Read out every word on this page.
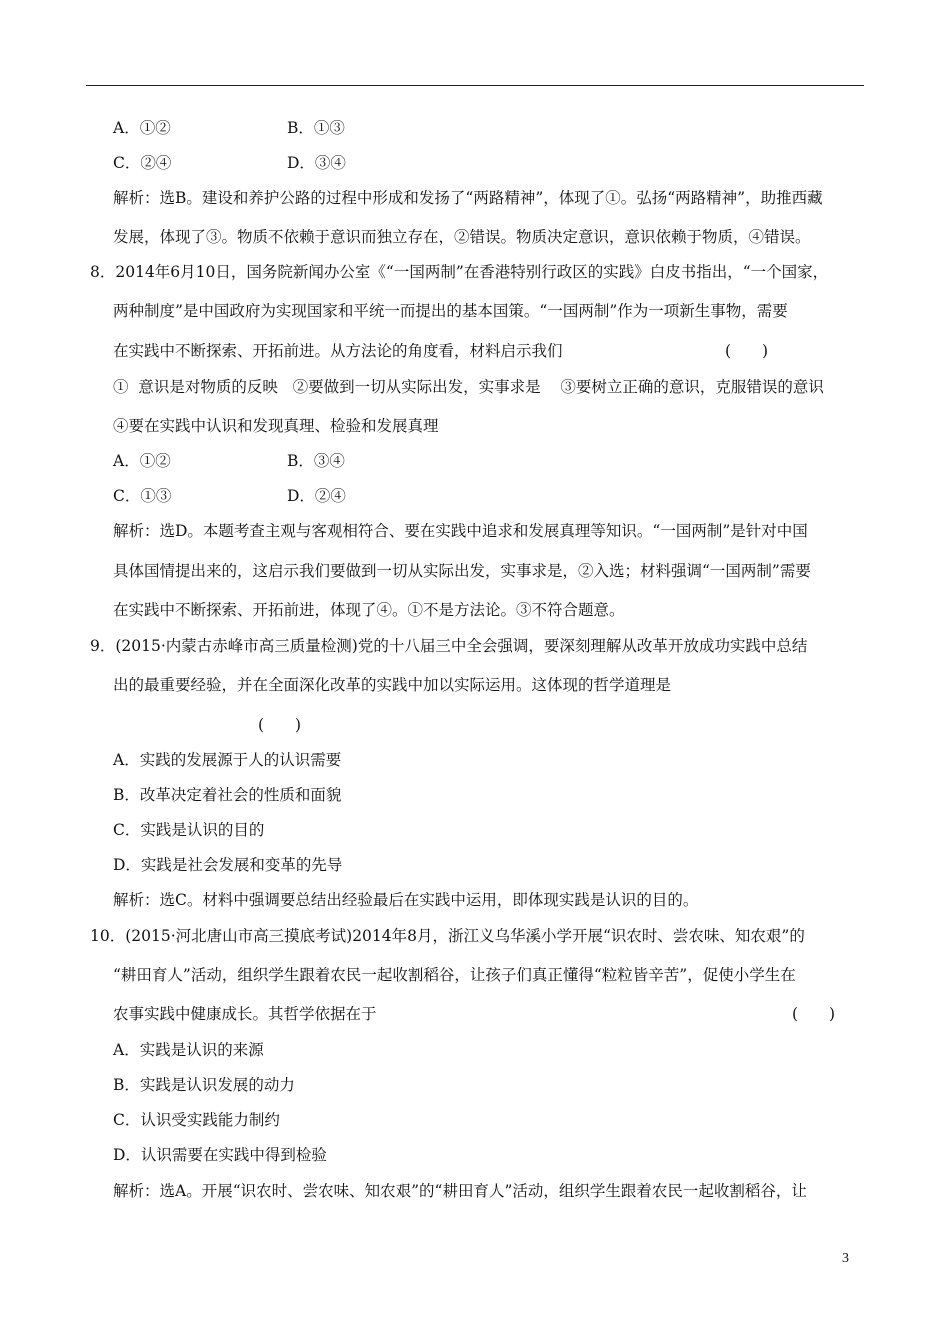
A．①②	B．①③
C．②④	D．③④
解析：选B。建设和养护公路的过程中形成和发扬了“两路精神”，体现了①。弘扬“两路精神”，助推西藏
发展，体现了③。物质不依赖于意识而独立存在，②错误。物质决定意识，意识依赖于物质，④错误。
8．2014年6月10日，国务院新闻办公室《“一国两制”在香港特别行政区的实践》白皮书指出，“一个国家，
两种制度”是中国政府为实现国家和平统一而提出的基本国策。“一国两制”作为一项新生事物，需要
在实践中不断探索、开拓前进。从方法论的角度看，材料启示我们	(　　)
①  意识是对物质的反映   ②要做到一切从实际出发，实事求是    ③要树立正确的意识，克服错误的意识
④要在实践中认识和发现真理、检验和发展真理
A．①②	B．③④
C．①③	D．②④
解析：选D。本题考查主观与客观相符合、要在实践中追求和发展真理等知识。“一国两制”是针对中国
具体国情提出来的，这启示我们要做到一切从实际出发，实事求是，②入选；材料强调“一国两制”需要
在实践中不断探索、开拓前进，体现了④。①不是方法论。③不符合题意。
9．(2015·内蒙古赤峰市高三质量检测)党的十八届三中全会强调，要深刻理解从改革开放成功实践中总结
出的最重要经验，并在全面深化改革的实践中加以实际运用。这体现的哲学道理是
(　　)
A．实践的发展源于人的认识需要
B．改革决定着社会的性质和面貌
C．实践是认识的目的
D．实践是社会发展和变革的先导
解析：选C。材料中强调要总结出经验最后在实践中运用，即体现实践是认识的目的。
10．(2015·河北唐山市高三摸底考试)2014年8月，浙江义乌华溪小学开展“识农时、尝农味、知农艰”的
“耕田育人”活动，组织学生跟着农民一起收割稻谷，让孩子们真正懂得“粒粒皆辛苦”，促使小学生在
农事实践中健康成长。其哲学依据在于	(　　)
A．实践是认识的来源
B．实践是认识发展的动力
C．认识受实践能力制约
D．认识需要在实践中得到检验
解析：选A。开展“识农时、尝农味、知农艰”的“耕田育人”活动，组织学生跟着农民一起收割稻谷，让
3
